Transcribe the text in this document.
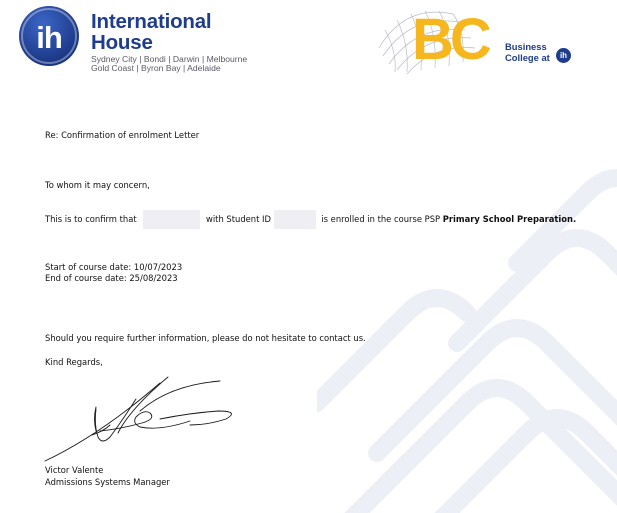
ih International
House
Sydney City | Bondi | Darwin | Melbourne
Gold Coast | Byron Bay | Adelaide	BC Business
College at	ih
Re: Confirmation of enrolment Letter
To whom it may concern,
This is to confirm that	with Student ID	is enrolled in the course PSP Primary School Preparation.
Start of course date: 10/07/2023
End of course date: 25/08/2023
Should you require further information, please do not hesitate to contact us.
Kind Regards,
Victor Valente
Admissions Systems Manager
